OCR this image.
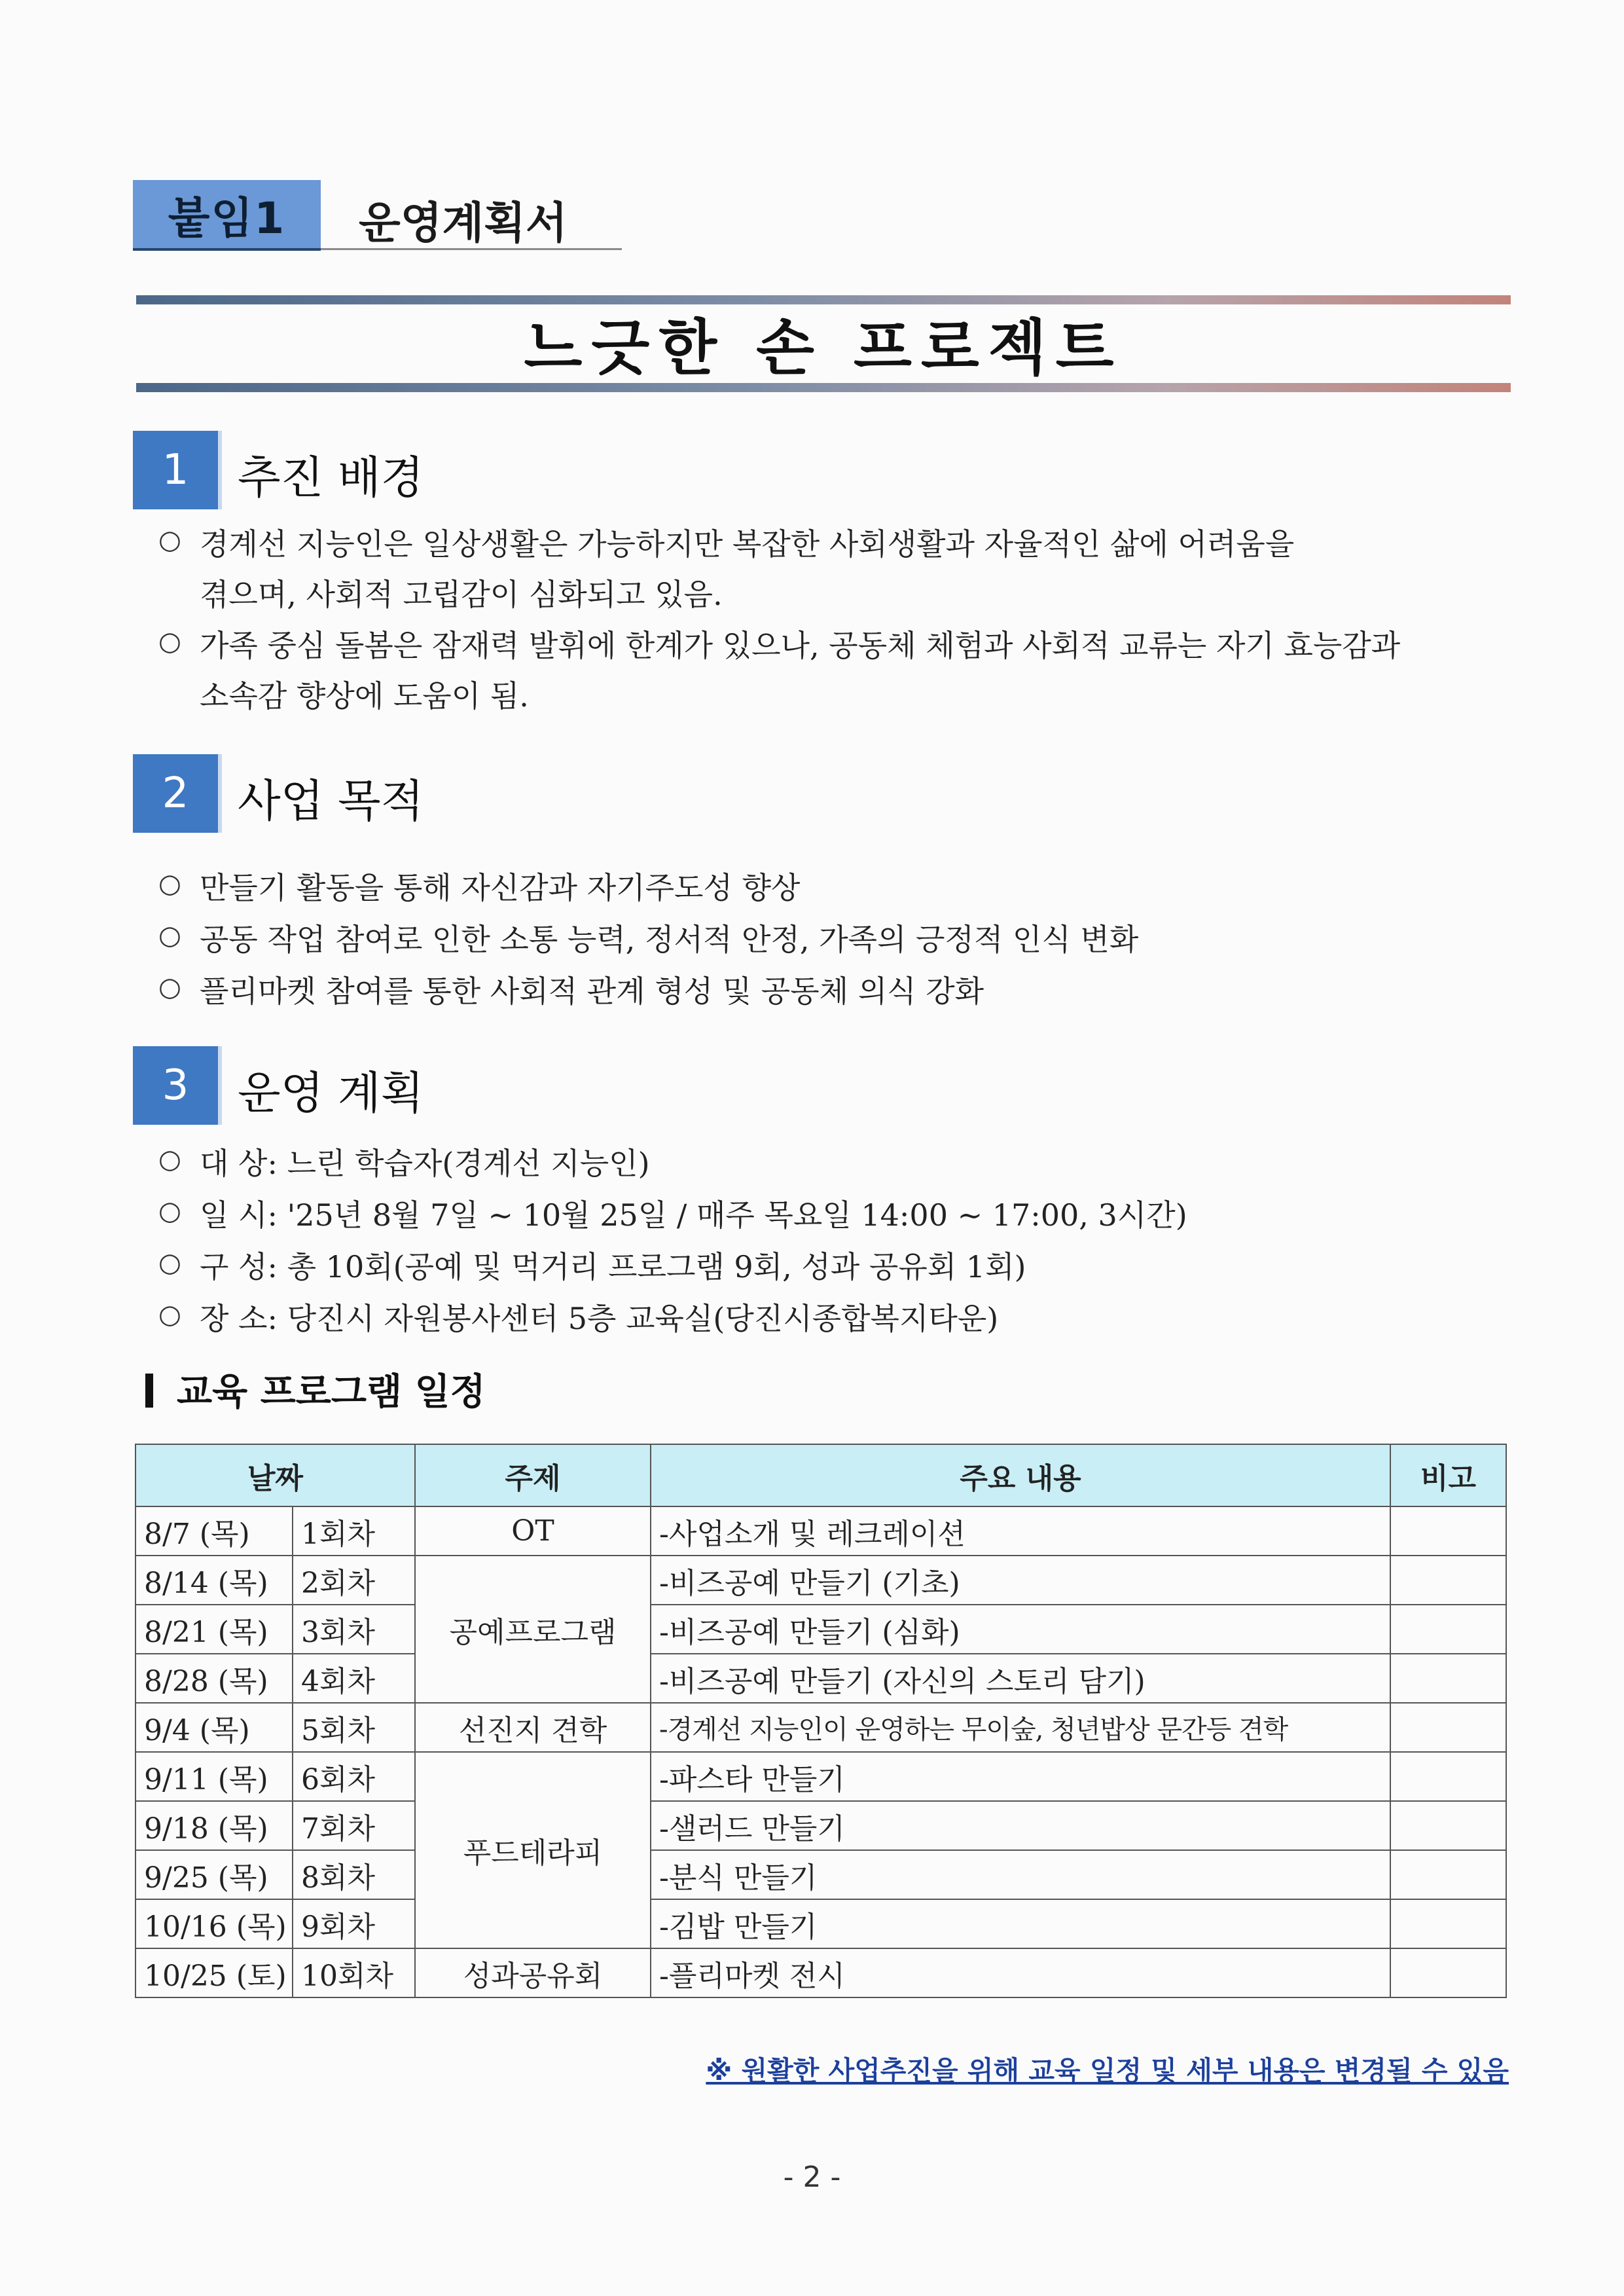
붙임1 운영계획서
느긋한 손 프로젝트
1	추진 배경
○ 경계선 지능인은 일상생활은 가능하지만 복잡한 사회생활과 자율적인 삶에 어려움을
겪으며, 사회적 고립감이 심화되고 있음.
○ 가족 중심 돌봄은 잠재력 발휘에 한계가 있으나, 공동체 체험과 사회적 교류는 자기 효능감과
소속감 향상에 도움이 됨.
2	사업 목적
○ 만들기 활동을 통해 자신감과 자기주도성 향상
○ 공동 작업 참여로 인한 소통 능력, 정서적 안정, 가족의 긍정적 인식 변화
○ 플리마켓 참여를 통한 사회적 관계 형성 및 공동체 의식 강화
3	운영 계획
○ 대 상: 느린 학습자(경계선 지능인)
○ 일 시: '25년 8월 7일 ~ 10월 25일 / 매주 목요일 14:00 ~ 17:00, 3시간)
○ 구 성: 총 10회(공예 및 먹거리 프로그램 9회, 성과 공유회 1회)
○ 장 소: 당진시 자원봉사센터 5층 교육실(당진시종합복지타운)
교육 프로그램 일정
날짜		주제	주요 내용	비고
8/7 (목)	1회차	OT	-사업소개 및 레크레이션	
8/14 (목)	2회차	공예프로그램	-비즈공예 만들기 (기초)	
8/21 (목)	3회차		-비즈공예 만들기 (심화)	
8/28 (목)	4회차		-비즈공예 만들기 (자신의 스토리 담기)	
9/4 (목)	5회차	선진지 견학	-경계선 지능인이 운영하는 무이숲, 청년밥상 문간등 견학	
9/11 (목)	6회차	푸드테라피	-파스타 만들기	
9/18 (목)	7회차		-샐러드 만들기	
9/25 (목)	8회차		-분식 만들기	
10/16 (목)	9회차		-김밥 만들기	
10/25 (토)	10회차	성과공유회	-플리마켓 전시	
※ 원활한 사업추진을 위해 교육 일정 및 세부 내용은 변경될 수 있음
- 2 -
